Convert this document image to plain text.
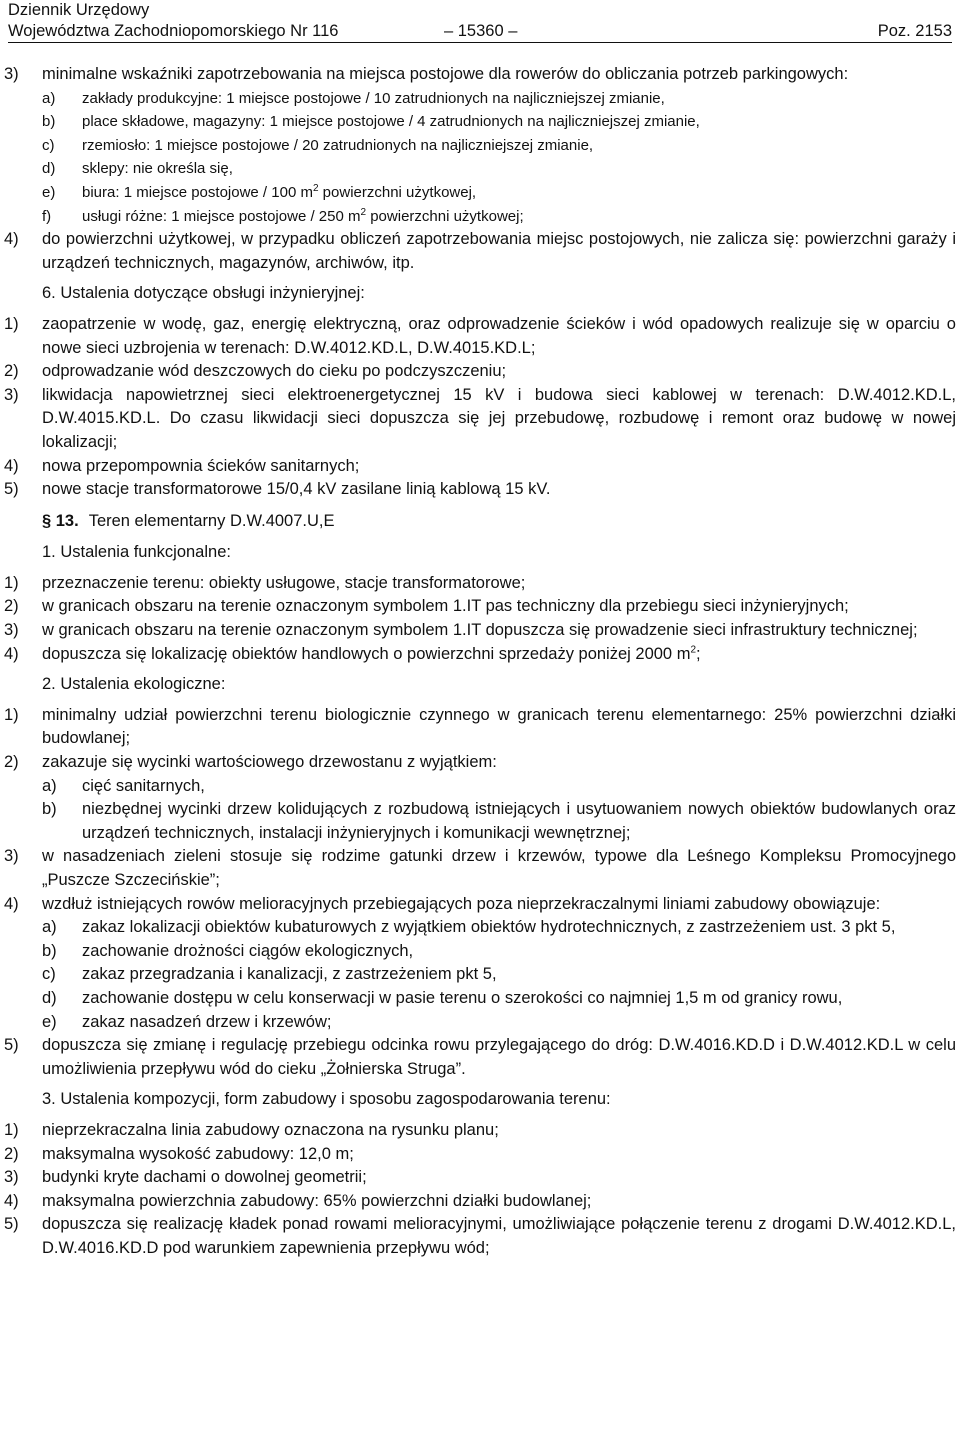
Dziennik Urzędowy
Województwa Zachodniopomorskiego Nr 116	– 15360 –	Poz. 2153
3)	minimalne wskaźniki zapotrzebowania na miejsca postojowe dla rowerów do obliczania potrzeb parkingowych:
a)	zakłady produkcyjne: 1 miejsce postojowe / 10 zatrudnionych na najliczniejszej zmianie,
b)	place składowe, magazyny: 1 miejsce postojowe / 4 zatrudnionych na najliczniejszej zmianie,
c)	rzemiosło: 1 miejsce postojowe / 20 zatrudnionych na najliczniejszej zmianie,
d)	sklepy: nie określa się,
e)	biura: 1 miejsce postojowe / 100 $m^2$ powierzchni użytkowej,
f)	usługi różne: 1 miejsce postojowe / 250 $m^2$ powierzchni użytkowej;
4)	do powierzchni użytkowej, w przypadku obliczeń zapotrzebowania miejsc postojowych, nie zalicza się: powierzchni garaży i urządzeń technicznych, magazynów, archiwów, itp.
6. Ustalenia dotyczące obsługi inżynieryjnej:
1)	zaopatrzenie w wodę, gaz, energię elektryczną, oraz odprowadzenie ścieków i wód opadowych realizuje się w oparciu o nowe sieci uzbrojenia w terenach: D.W.4012.KD.L, D.W.4015.KD.L;
2)	odprowadzanie wód deszczowych do cieku po podczyszczeniu;
3)	likwidacja napowietrznej sieci elektroenergetycznej 15 kV i budowa sieci kablowej w terenach: D.W.4012.KD.L, D.W.4015.KD.L. Do czasu likwidacji sieci dopuszcza się jej przebudowę, rozbudowę i remont oraz budowę w nowej lokalizacji;
4)	nowa przepompownia ścieków sanitarnych;
5)	nowe stacje transformatorowe 15/0,4 kV zasilane linią kablową 15 kV.
§ 13. Teren elementarny D.W.4007.U,E
1. Ustalenia funkcjonalne:
1)	przeznaczenie terenu: obiekty usługowe, stacje transformatorowe;
2)	w granicach obszaru na terenie oznaczonym symbolem 1.IT pas techniczny dla przebiegu sieci inżynieryjnych;
3)	w granicach obszaru na terenie oznaczonym symbolem 1.IT dopuszcza się prowadzenie sieci infrastruktury technicznej;
4)	dopuszcza się lokalizację obiektów handlowych o powierzchni sprzedaży poniżej 2000 $m^2$;
2. Ustalenia ekologiczne:
1)	minimalny udział powierzchni terenu biologicznie czynnego w granicach terenu elementarnego: 25% powierzchni działki budowlanej;
2)	zakazuje się wycinki wartościowego drzewostanu z wyjątkiem:
a)	cięć sanitarnych,
b)	niezbędnej wycinki drzew kolidujących z rozbudową istniejących i usytuowaniem nowych obiektów budowlanych oraz urządzeń technicznych, instalacji inżynieryjnych i komunikacji wewnętrznej;
3)	w nasadzeniach zieleni stosuje się rodzime gatunki drzew i krzewów, typowe dla Leśnego Kompleksu Promocyjnego „Puszcze Szczecińskie”;
4)	wzdłuż istniejących rowów melioracyjnych przebiegających poza nieprzekraczalnymi liniami zabudowy obowiązuje:
a)	zakaz lokalizacji obiektów kubaturowych z wyjątkiem obiektów hydrotechnicznych, z zastrzeżeniem ust. 3 pkt 5,
b)	zachowanie drożności ciągów ekologicznych,
c)	zakaz przegradzania i kanalizacji, z zastrzeżeniem pkt 5,
d)	zachowanie dostępu w celu konserwacji w pasie terenu o szerokości co najmniej 1,5 m od granicy rowu,
e)	zakaz nasadzeń drzew i krzewów;
5)	dopuszcza się zmianę i regulację przebiegu odcinka rowu przylegającego do dróg: D.W.4016.KD.D i D.W.4012.KD.L w celu umożliwienia przepływu wód do cieku „Żołnierska Struga”.
3. Ustalenia kompozycji, form zabudowy i sposobu zagospodarowania terenu:
1)	nieprzekraczalna linia zabudowy oznaczona na rysunku planu;
2)	maksymalna wysokość zabudowy: 12,0 m;
3)	budynki kryte dachami o dowolnej geometrii;
4)	maksymalna powierzchnia zabudowy: 65% powierzchni działki budowlanej;
5)	dopuszcza się realizację kładek ponad rowami melioracyjnymi, umożliwiające połączenie terenu z drogami D.W.4012.KD.L, D.W.4016.KD.D pod warunkiem zapewnienia przepływu wód;
